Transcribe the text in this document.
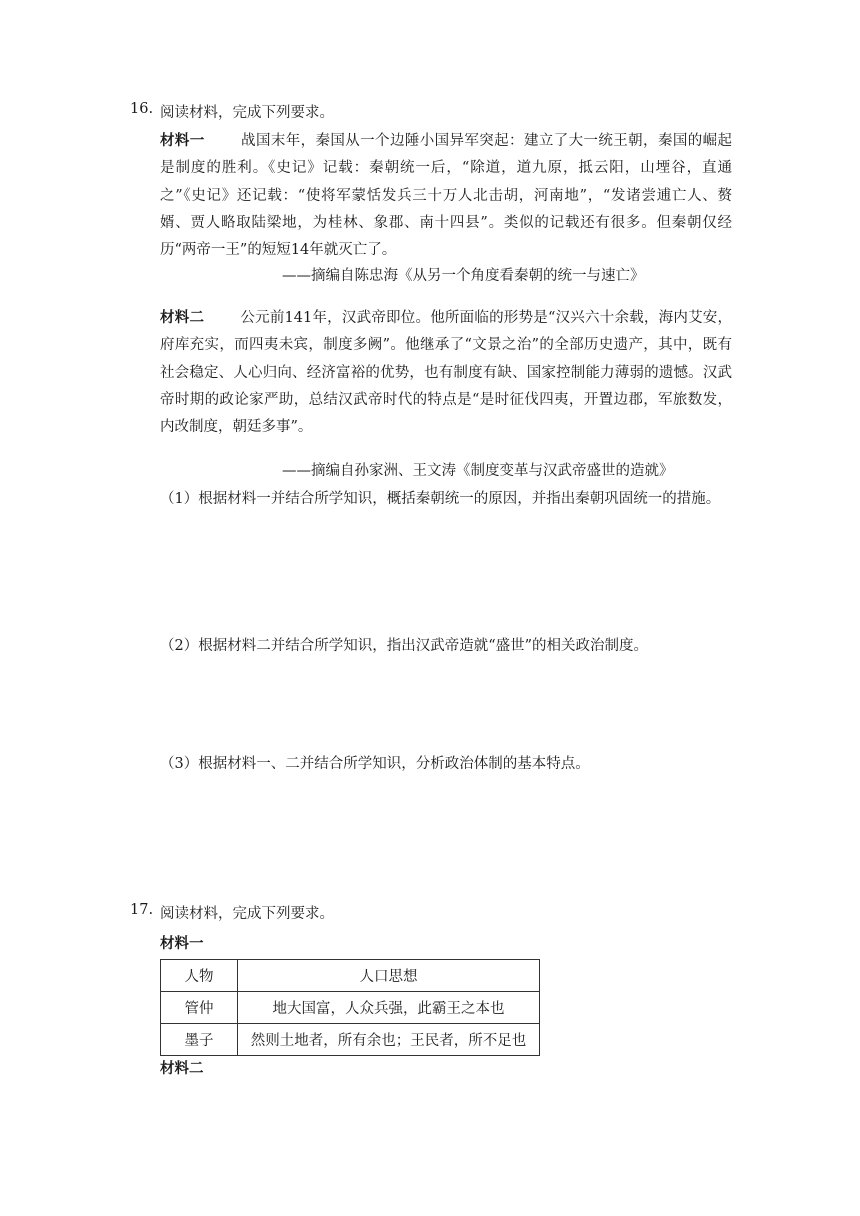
16. 阅读材料，完成下列要求。
材料一 战国末年，秦国从一个边陲小国异军突起：建立了大一统王朝，秦国的崛起是制度的胜利。《史记》记载：秦朝统一后，“除道，道九原，抵云阳，山堙谷，直通之”《史记》还记载：“使将军蒙恬发兵三十万人北击胡，河南地”，“发诸尝逋亡人、赘婿、贾人略取陆梁地，为桂林、象郡、南十四县”。类似的记载还有很多。但秦朝仅经历“两帝一王”的短短14年就灭亡了。
——摘编自陈忠海《从另一个角度看秦朝的统一与速亡》
材料二 公元前141年，汉武帝即位。他所面临的形势是“汉兴六十余载，海内艾安，府库充实，而四夷未宾，制度多阙”。他继承了“文景之治”的全部历史遗产，其中，既有社会稳定、人心归向、经济富裕的优势，也有制度有缺、国家控制能力薄弱的遗憾。汉武帝时期的政论家严助，总结汉武帝时代的特点是“是时征伐四夷，开置边郡，军旅数发，内改制度，朝廷多事”。
——摘编自孙家洲、王文涛《制度变革与汉武帝盛世的造就》
（1）根据材料一并结合所学知识，概括秦朝统一的原因，并指出秦朝巩固统一的措施。
（2）根据材料二并结合所学知识，指出汉武帝造就“盛世”的相关政治制度。
（3）根据材料一、二并结合所学知识，分析政治体制的基本特点。
17. 阅读材料，完成下列要求。
材料一
人物	人口思想
管仲	地大国富，人众兵强，此霸王之本也
墨子	然则土地者，所有余也；王民者，所不足也
材料二
